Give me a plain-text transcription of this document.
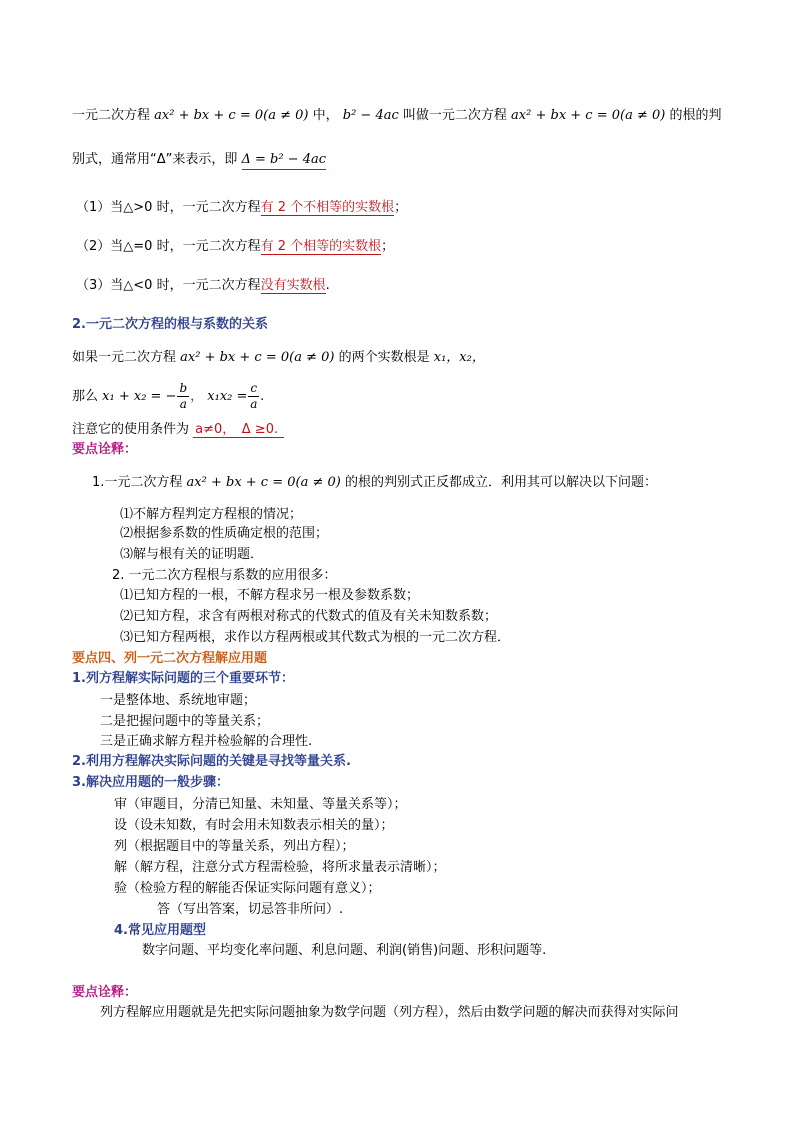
一元二次方程 ax² + bx + c = 0(a ≠ 0) 中， b² − 4ac 叫做一元二次方程 ax² + bx + c = 0(a ≠ 0) 的根的判
别式，通常用“Δ”来表示，即 Δ = b² − 4ac
（1）当△>0 时，一元二次方程有 2 个不相等的实数根；
（2）当△=0 时，一元二次方程有 2 个相等的实数根；
（3）当△<0 时，一元二次方程没有实数根.
2.一元二次方程的根与系数的关系
如果一元二次方程 ax² + bx + c = 0(a ≠ 0) 的两个实数根是 x₁，x₂，
那么 x₁ + x₂ = − $\frac{b}{a}$ ， $x_1x_2 = \frac{c}{a}$ .
注意它的使用条件为 a≠0，　Δ ≥0.
要点诠释：
1.一元二次方程 ax² + bx + c = 0(a ≠ 0) 的根的判别式正反都成立．利用其可以解决以下问题：
⑴不解方程判定方程根的情况；
⑵根据参系数的性质确定根的范围；
⑶解与根有关的证明题．
2. 一元二次方程根与系数的应用很多：
⑴已知方程的一根，不解方程求另一根及参数系数；
⑵已知方程，求含有两根对称式的代数式的值及有关未知数系数；
⑶已知方程两根，求作以方程两根或其代数式为根的一元二次方程．
要点四、列一元二次方程解应用题
1.列方程解实际问题的三个重要环节：
一是整体地、系统地审题；
二是把握问题中的等量关系；
三是正确求解方程并检验解的合理性.
2.利用方程解决实际问题的关键是寻找等量关系.
3.解决应用题的一般步骤：
审（审题目，分清已知量、未知量、等量关系等）；
设（设未知数，有时会用未知数表示相关的量）；
列（根据题目中的等量关系，列出方程）；
解（解方程，注意分式方程需检验，将所求量表示清晰）；
验（检验方程的解能否保证实际问题有意义）；
答（写出答案，切忌答非所问）.
4.常见应用题型
数字问题、平均变化率问题、利息问题、利润(销售)问题、形积问题等.
要点诠释：
列方程解应用题就是先把实际问题抽象为数学问题（列方程），然后由数学问题的解决而获得对实际问
